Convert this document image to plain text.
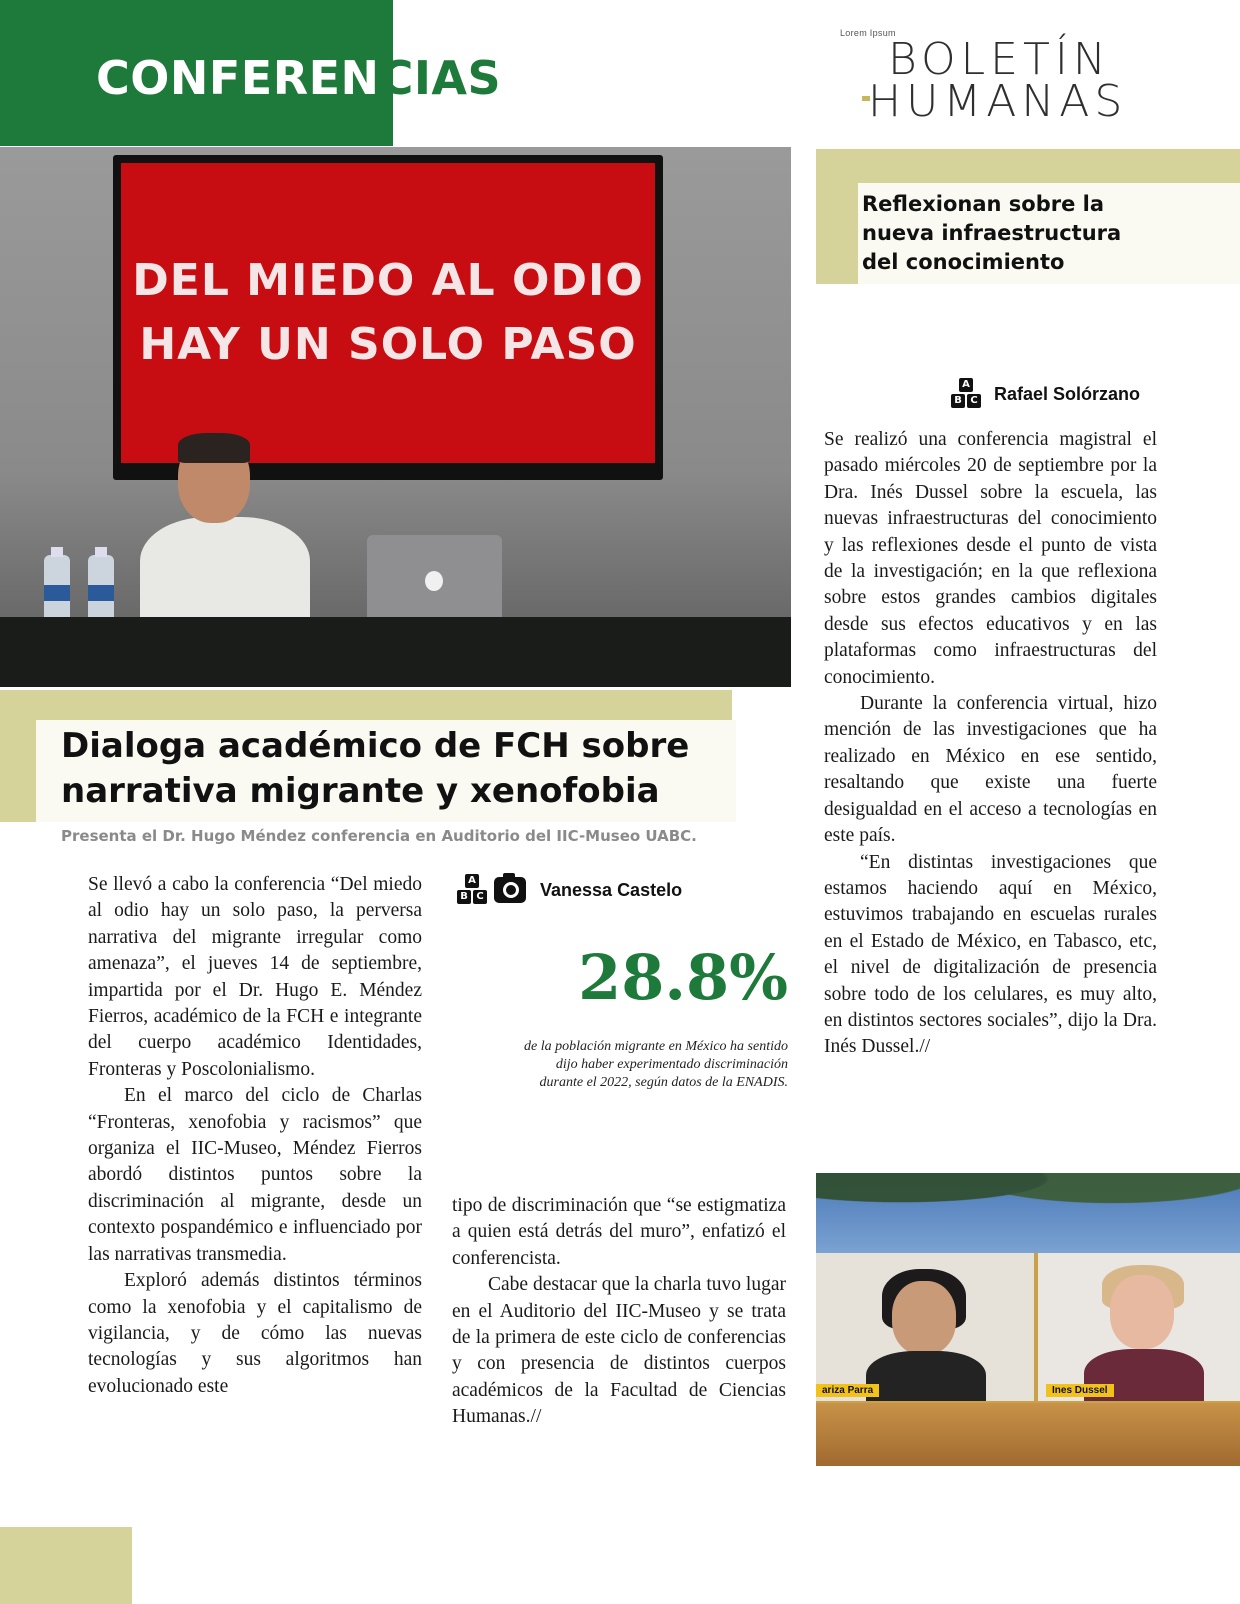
CONFERENCIAS
Lorem Ipsum
BOLETÍN
HUMANAS
DEL MIEDO AL ODIO
HAY UN SOLO PASO
Dialoga académico de FCH sobre
narrativa migrante y xenofobia
Presenta el Dr. Hugo Méndez conferencia en Auditorio del IIC-Museo UABC.
A
B C	Vanessa Castelo

Se llevó a cabo la conferencia “Del miedo al odio hay un solo paso, la perversa narrativa del migrante irregular como amenaza”, el jueves 14 de septiembre, impartida por el Dr. Hugo E. Méndez Fierros, académico de la FCH e integrante del cuerpo académico Identidades, Fronteras y Poscolonialismo.

En el marco del ciclo de Charlas “Fronteras, xenofobia y racismos” que organiza el IIC-Museo, Méndez Fierros abordó distintos puntos sobre la discriminación al migrante, desde un contexto pospandémico e influenciado por las narrativas transmedia.

Exploró además distintos términos como la xenofobia y el capitalismo de vigilancia, y de cómo las nuevas tecnologías y sus algoritmos han evolucionado este

28.8%
de la población migrante en México ha sentido dijo haber experimentado discriminación durante el 2022, según datos de la ENADIS.

tipo de discriminación que “se estigmatiza a quien está detrás del muro”, enfatizó el conferencista.

Cabe destacar que la charla tuvo lugar en el Auditorio del IIC-Museo y se trata de la primera de este ciclo de conferencias y con presencia de distintos cuerpos académicos de la Facultad de Ciencias Humanas.//

Reflexionan sobre la
nueva infraestructura
del conocimiento
A
B C Rafael Solórzano

Se realizó una conferencia magistral el pasado miércoles 20 de septiembre por la Dra. Inés Dussel sobre la escuela, las nuevas infraestructuras del conocimiento y las reflexiones desde el punto de vista de la investigación; en la que reflexiona sobre estos grandes cambios digitales desde sus efectos educativos y en las plataformas como infraestructuras del conocimiento.

Durante la conferencia virtual, hizo mención de las investigaciones que ha realizado en México en ese sentido, resaltando que existe una fuerte desigualdad en el acceso a tecnologías en este país.

“En distintas investigaciones que estamos haciendo aquí en México, estuvimos trabajando en escuelas rurales en el Estado de México, en Tabasco, etc, el nivel de digitalización de presencia sobre todo de los celulares, es muy alto, en distintos sectores sociales”, dijo la Dra. Inés Dussel.//

ariza Parra	Ines Dussel
